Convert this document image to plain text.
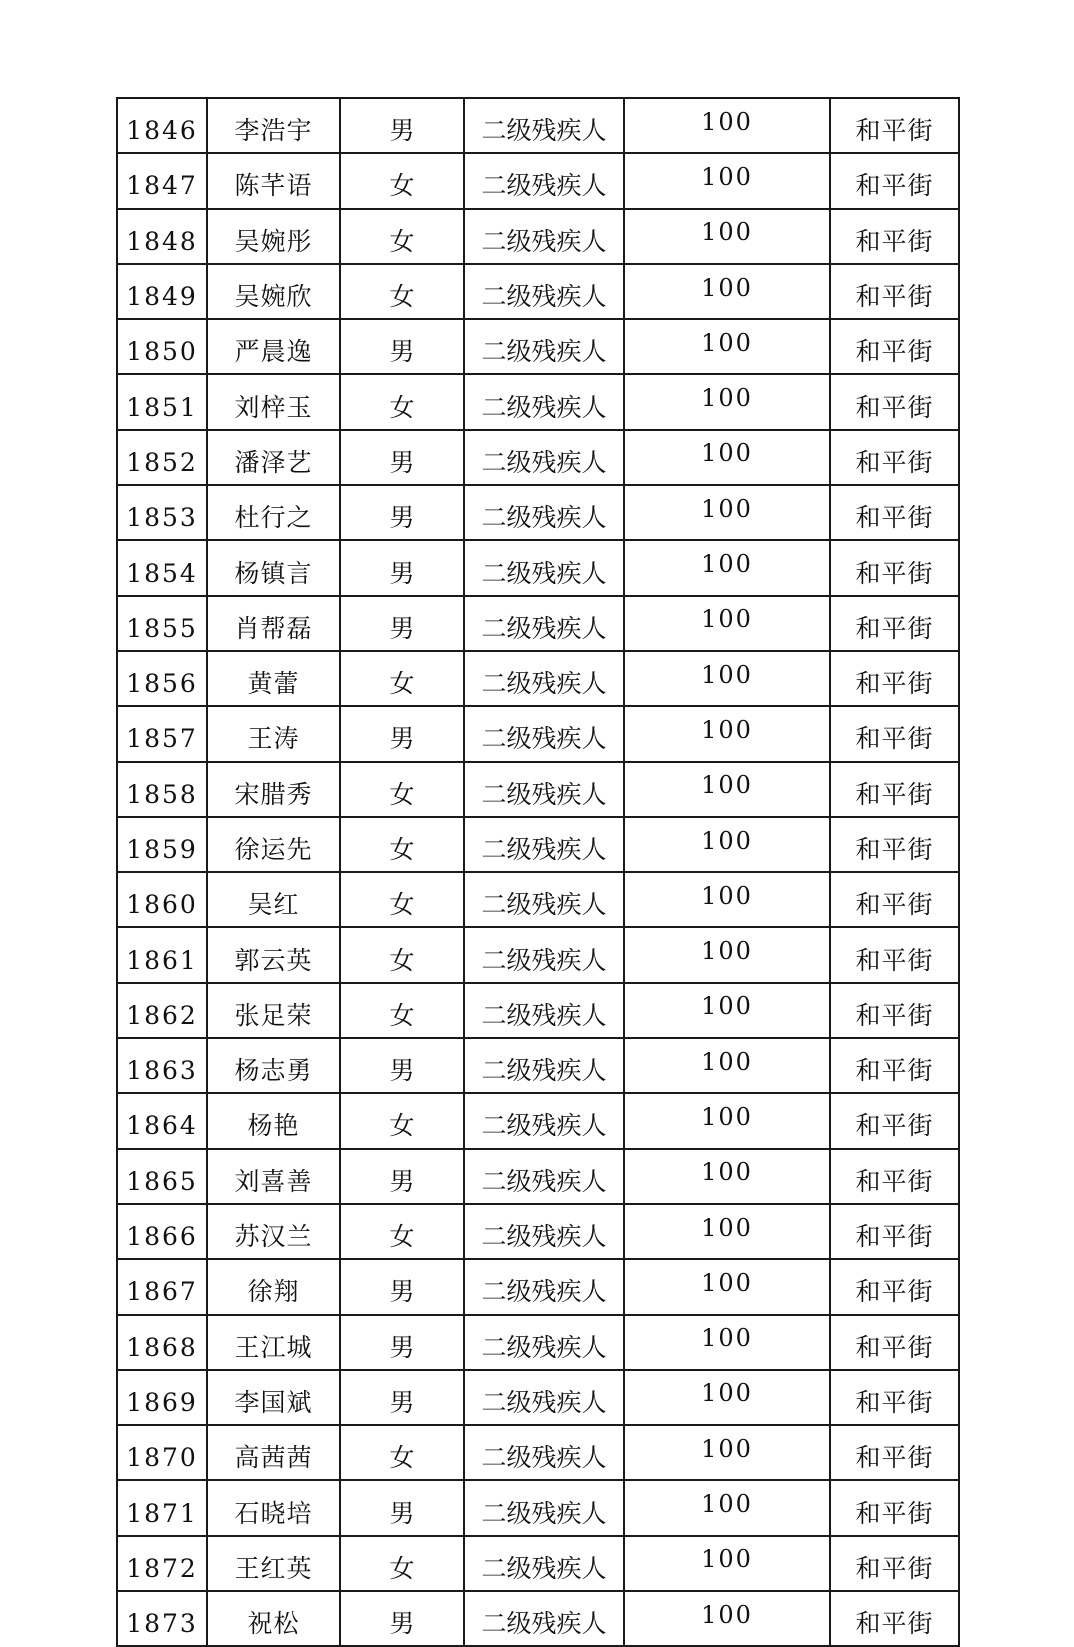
1846	李浩宇	男	二级残疾人	100	和平街
1847	陈芊语	女	二级残疾人	100	和平街
1848	吴婉彤	女	二级残疾人	100	和平街
1849	吴婉欣	女	二级残疾人	100	和平街
1850	严晨逸	男	二级残疾人	100	和平街
1851	刘梓玉	女	二级残疾人	100	和平街
1852	潘泽艺	男	二级残疾人	100	和平街
1853	杜行之	男	二级残疾人	100	和平街
1854	杨镇言	男	二级残疾人	100	和平街
1855	肖帮磊	男	二级残疾人	100	和平街
1856	黄蕾	女	二级残疾人	100	和平街
1857	王涛	男	二级残疾人	100	和平街
1858	宋腊秀	女	二级残疾人	100	和平街
1859	徐运先	女	二级残疾人	100	和平街
1860	吴红	女	二级残疾人	100	和平街
1861	郭云英	女	二级残疾人	100	和平街
1862	张足荣	女	二级残疾人	100	和平街
1863	杨志勇	男	二级残疾人	100	和平街
1864	杨艳	女	二级残疾人	100	和平街
1865	刘喜善	男	二级残疾人	100	和平街
1866	苏汉兰	女	二级残疾人	100	和平街
1867	徐翔	男	二级残疾人	100	和平街
1868	王江城	男	二级残疾人	100	和平街
1869	李国斌	男	二级残疾人	100	和平街
1870	高茜茜	女	二级残疾人	100	和平街
1871	石晓培	男	二级残疾人	100	和平街
1872	王红英	女	二级残疾人	100	和平街
1873	祝松	男	二级残疾人	100	和平街
